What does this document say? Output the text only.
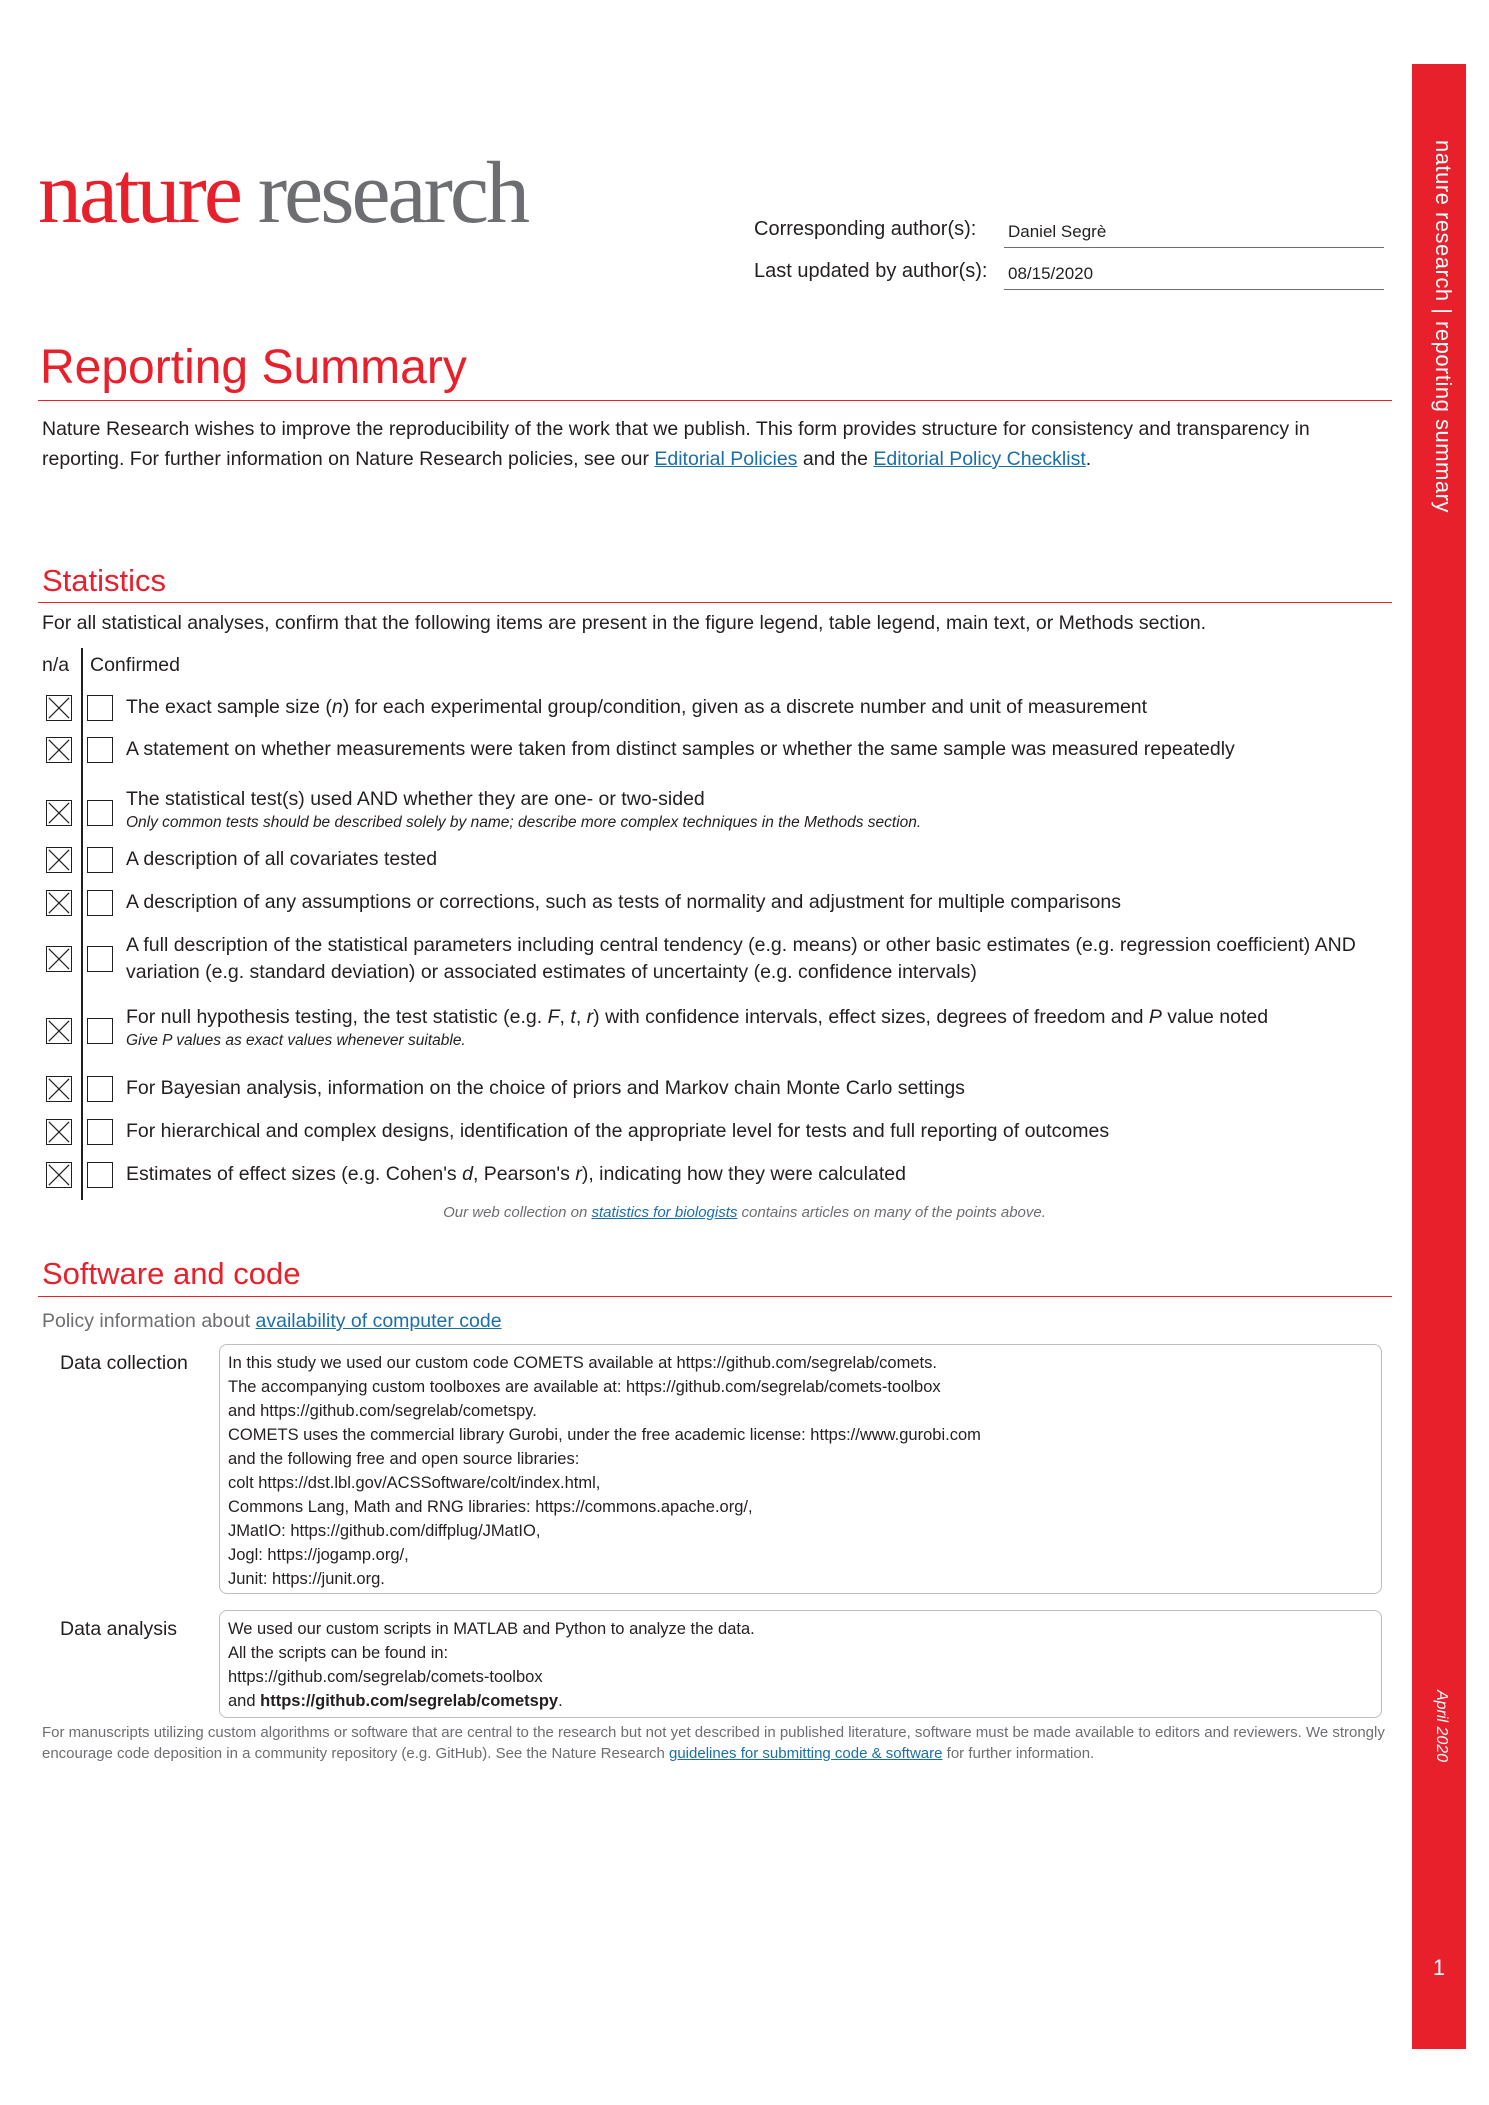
nature research	Corresponding author(s): Daniel Segrè
Last updated by author(s): 08/15/2020
Reporting Summary
Nature Research wishes to improve the reproducibility of the work that we publish. This form provides structure for consistency and transparency in reporting. For further information on Nature Research policies, see our Editorial Policies and the Editorial Policy Checklist.
Statistics
For all statistical analyses, confirm that the following items are present in the figure legend, table legend, main text, or Methods section.
n/a Confirmed
The exact sample size (n) for each experimental group/condition, given as a discrete number and unit of measurement
A statement on whether measurements were taken from distinct samples or whether the same sample was measured repeatedly
The statistical test(s) used AND whether they are one- or two-sided
Only common tests should be described solely by name; describe more complex techniques in the Methods section.
A description of all covariates tested
A description of any assumptions or corrections, such as tests of normality and adjustment for multiple comparisons
A full description of the statistical parameters including central tendency (e.g. means) or other basic estimates (e.g. regression coefficient) AND variation (e.g. standard deviation) or associated estimates of uncertainty (e.g. confidence intervals)
For null hypothesis testing, the test statistic (e.g. F, t, r) with confidence intervals, effect sizes, degrees of freedom and P value noted
Give P values as exact values whenever suitable.
For Bayesian analysis, information on the choice of priors and Markov chain Monte Carlo settings
For hierarchical and complex designs, identification of the appropriate level for tests and full reporting of outcomes
Estimates of effect sizes (e.g. Cohen's d, Pearson's r), indicating how they were calculated
Our web collection on statistics for biologists contains articles on many of the points above.
Software and code
Policy information about availability of computer code
Data collection In this study we used our custom code COMETS available at https://github.com/segrelab/comets.
The accompanying custom toolboxes are available at: https://github.com/segrelab/comets-toolbox
and https://github.com/segrelab/cometspy.
COMETS uses the commercial library Gurobi, under the free academic license: https://www.gurobi.com
and the following free and open source libraries:
colt https://dst.lbl.gov/ACSSoftware/colt/index.html,
Commons Lang, Math and RNG libraries: https://commons.apache.org/,
JMatIO: https://github.com/diffplug/JMatIO,
Jogl: https://jogamp.org/,
Junit: https://junit.org.
Data analysis	We used our custom scripts in MATLAB and Python to analyze the data.
All the scripts can be found in:
https://github.com/segrelab/comets-toolbox
and https://github.com/segrelab/cometspy.
For manuscripts utilizing custom algorithms or software that are central to the research but not yet described in published literature, software must be made available to editors and reviewers. We strongly encourage code deposition in a community repository (e.g. GitHub). See the Nature Research guidelines for submitting code & software for further information.
nature research | reporting summary
April 2020
1
